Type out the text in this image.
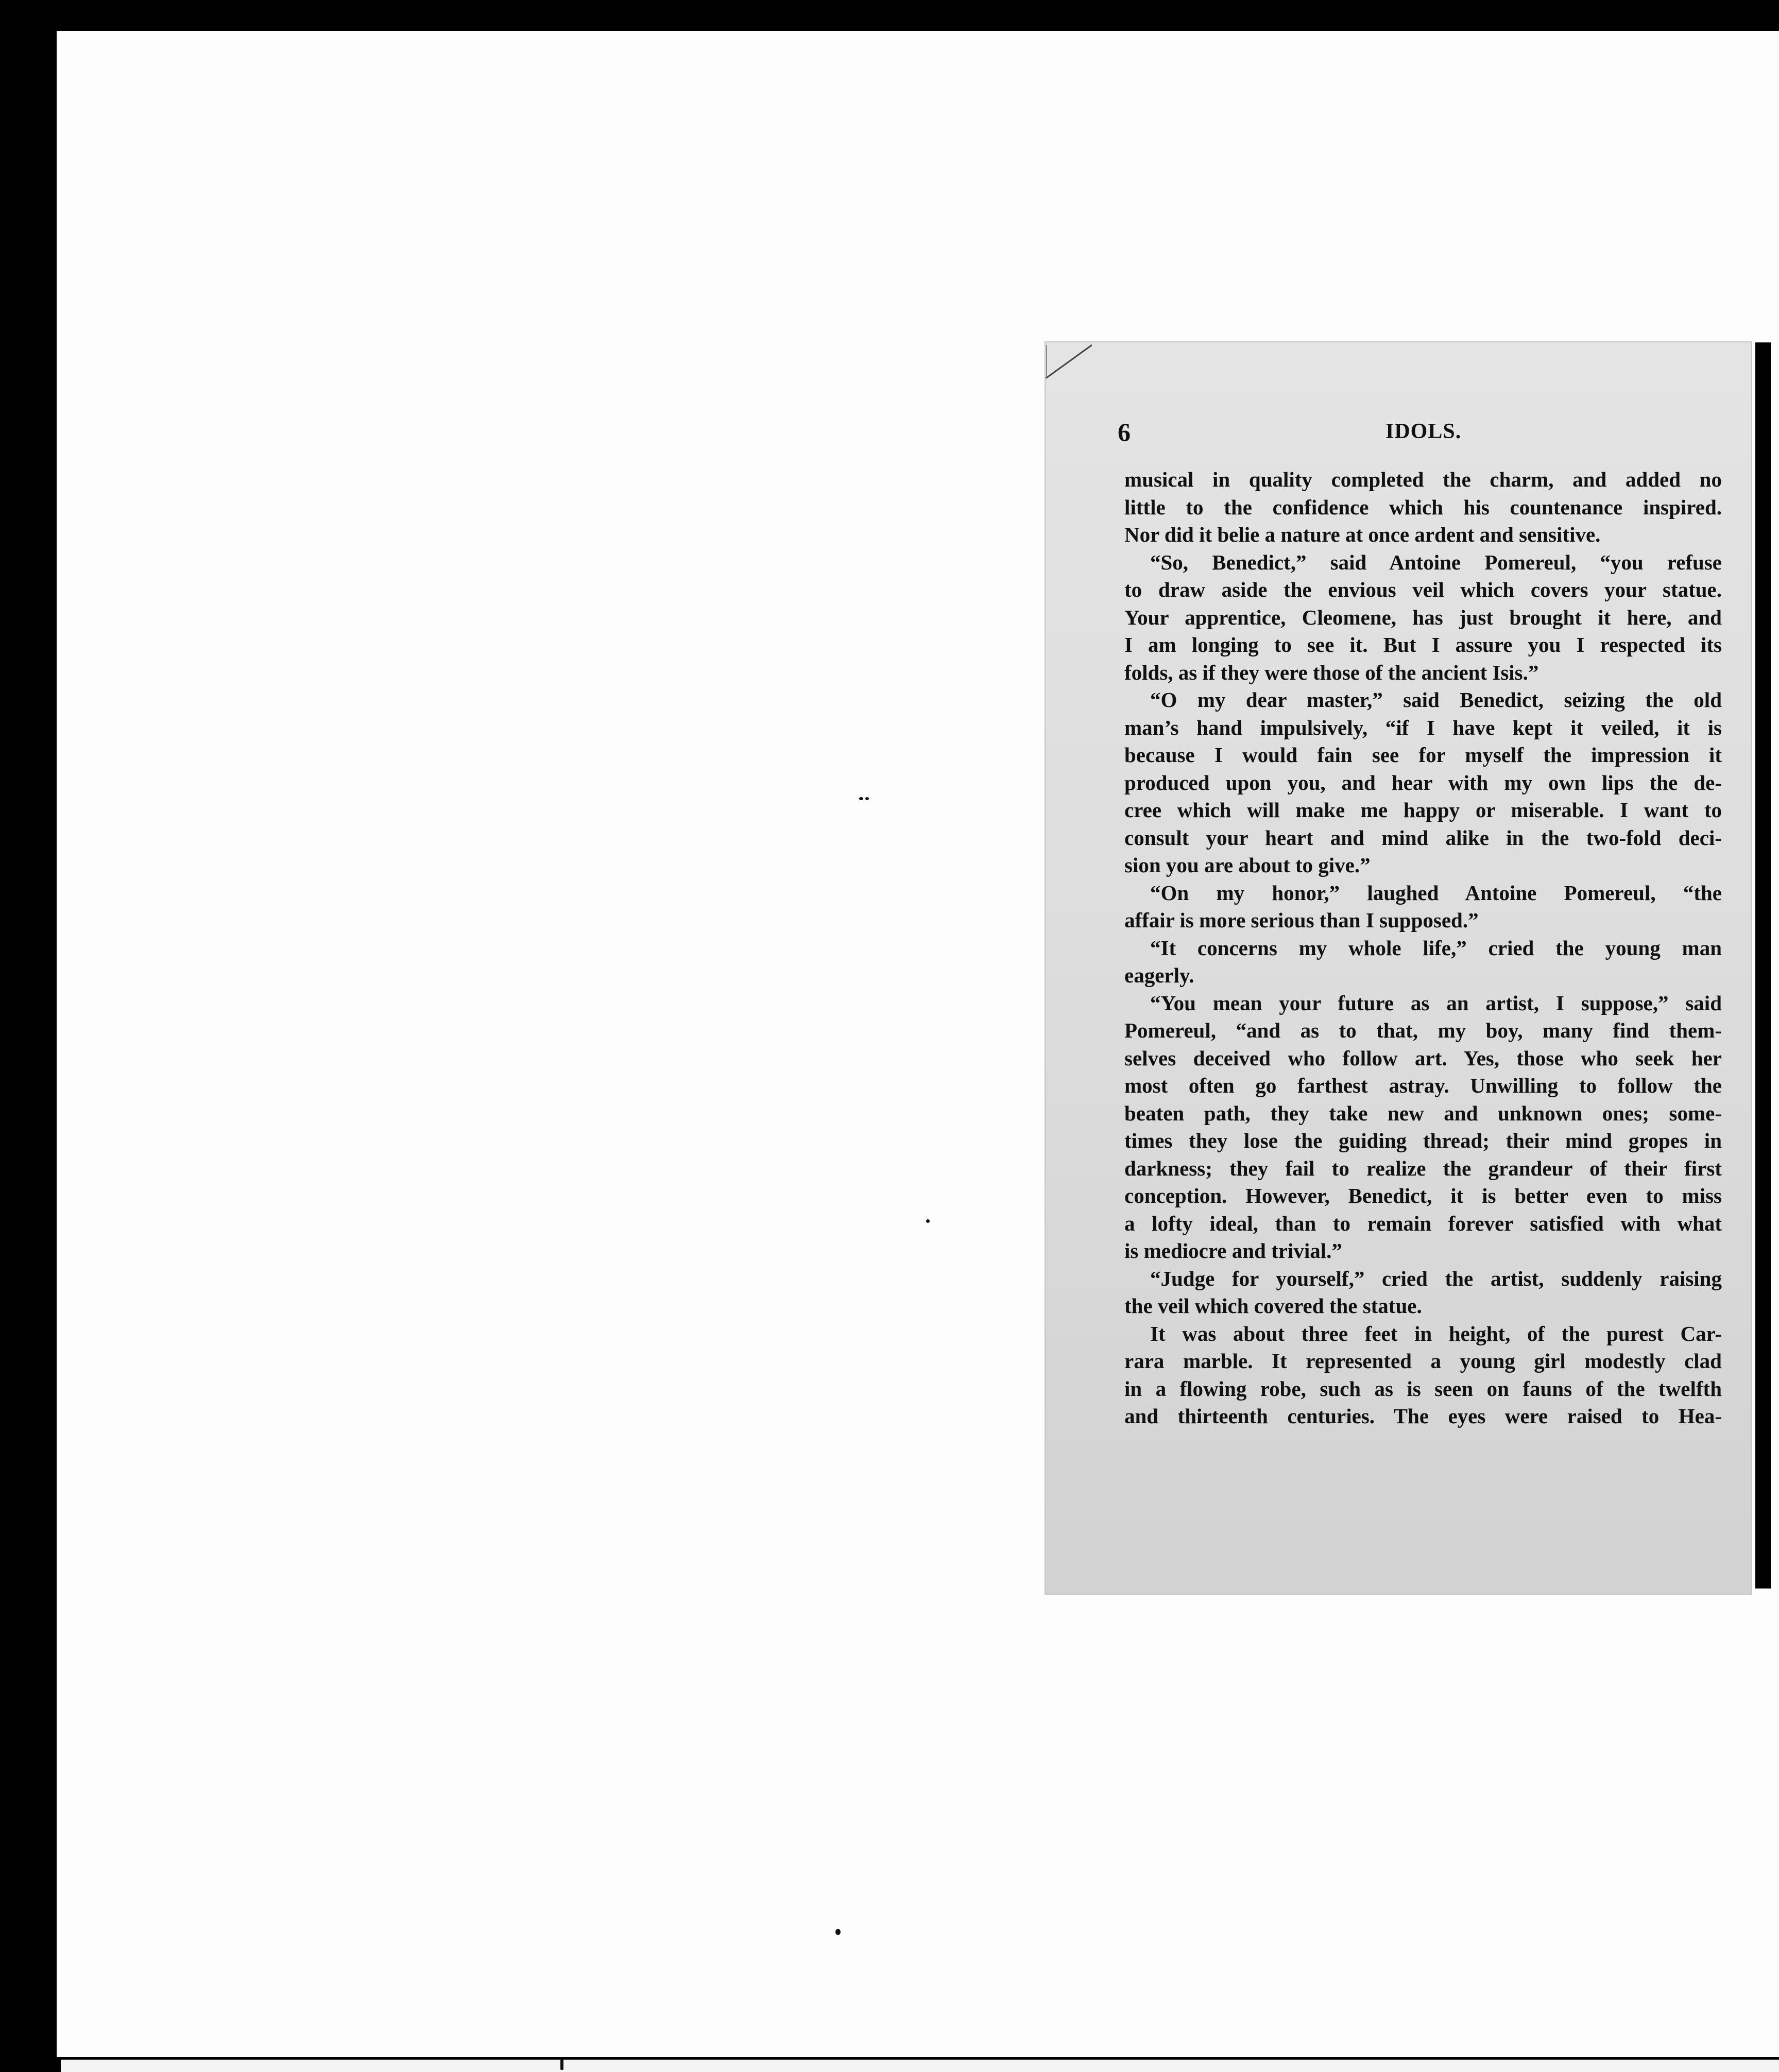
6	IDOLS.
musical in quality completed the charm, and added no
little to the confidence which his countenance inspired.
Nor did it belie a nature at once ardent and sensitive.
“So, Benedict,” said Antoine Pomereul, “you refuse
to draw aside the envious veil which covers your statue.
Your apprentice, Cleomene, has just brought it here, and
I am longing to see it. But I assure you I respected its
folds, as if they were those of the ancient Isis.”
“O my dear master,” said Benedict, seizing the old
man’s hand impulsively, “if I have kept it veiled, it is
because I would fain see for myself the impression it
produced upon you, and hear with my own lips the de-
cree which will make me happy or miserable. I want to
consult your heart and mind alike in the two-fold deci-
sion you are about to give.”
“On my honor,” laughed Antoine Pomereul, “the
affair is more serious than I supposed.”
“It concerns my whole life,” cried the young man
eagerly.
“You mean your future as an artist, I suppose,” said
Pomereul, “and as to that, my boy, many find them-
selves deceived who follow art. Yes, those who seek her
most often go farthest astray. Unwilling to follow the
beaten path, they take new and unknown ones; some-
times they lose the guiding thread; their mind gropes in
darkness; they fail to realize the grandeur of their first
conception. However, Benedict, it is better even to miss
a lofty ideal, than to remain forever satisfied with what
is mediocre and trivial.”
“Judge for yourself,” cried the artist, suddenly raising
the veil which covered the statue.
It was about three feet in height, of the purest Car-
rara marble. It represented a young girl modestly clad
in a flowing robe, such as is seen on fauns of the twelfth
and thirteenth centuries. The eyes were raised to Hea-
